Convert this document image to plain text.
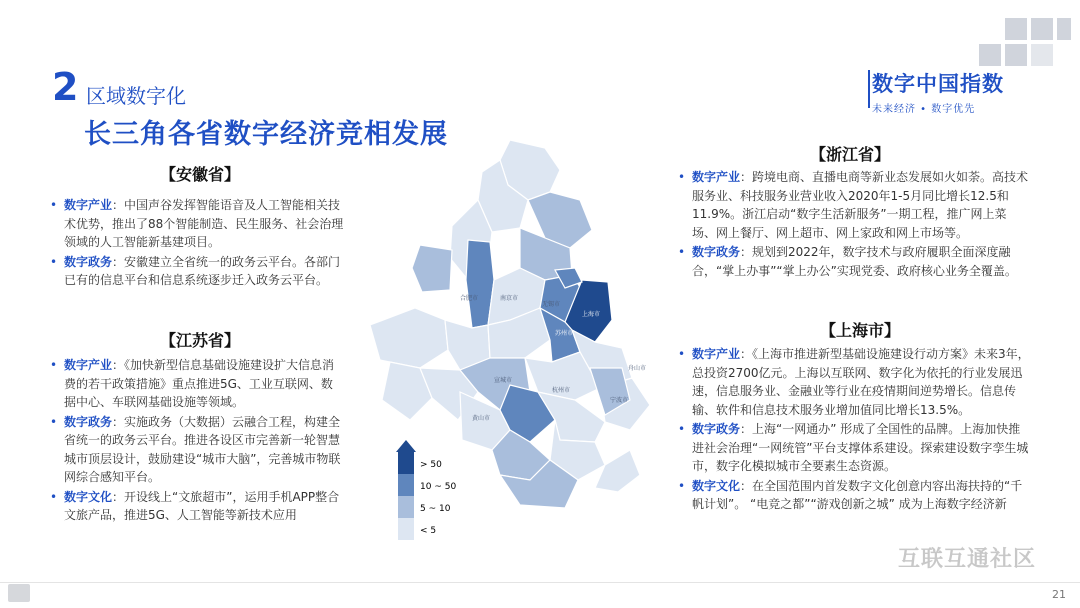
数字中国指数
未来经济 • 数字优先
2 区域数字化
长三角各省数字经济竞相发展
【安徽省】
• 数字产业：中国声谷发挥智能语音及人工智能相关技术优势，推出了88个智能制造、民生服务、社会治理领域的人工智能新基建项目。
• 数字政务：安徽建立全省统一的政务云平台。各部门已有的信息平台和信息系统逐步迁入政务云平台。
【江苏省】
• 数字产业：《加快新型信息基础设施建设扩大信息消费的若干政策措施》重点推进5G、工业互联网、数据中心、车联网基础设施等领域。
• 数字政务：实施政务（大数据）云融合工程，构建全省统一的政务云平台。推进各设区市完善新一轮智慧城市顶层设计，鼓励建设“城市大脑”，完善城市物联网综合感知平台。
• 数字文化：开设线上“文旅超市”，运用手机APP整合文旅产品，推进5G、人工智能等新技术应用
【浙江省】
• 数字产业：跨境电商、直播电商等新业态发展如火如荼。高技术服务业、科技服务业营业收入2020年1-5月同比增长12.5和11.9%。浙江启动“数字生活新服务”一期工程，推广网上菜场、网上餐厅、网上超市、网上家政和网上市场等。
• 数字政务：规划到2022年，数字技术与政府履职全面深度融合，“掌上办事”“掌上办公”实现党委、政府核心业务全覆盖。
【上海市】
• 数字产业：《上海市推进新型基础设施建设行动方案》未来3年，总投资2700亿元。上海以互联网、数字化为依托的行业发展迅速，信息服务业、金融业等行业在疫情期间逆势增长。信息传输、软件和信息技术服务业增加值同比增长13.5%。
• 数字政务：上海“一网通办” 形成了全国性的品牌。上海加快推进社会治理“一网统管”平台支撑体系建设。探索建设数字孪生城市，数字化模拟城市全要素生态资源。
• 数字文化：在全国范围内首发数字文化创意内容出海扶持的“千帆计划”。 “电竞之都”“游戏创新之城” 成为上海数字经济新
上海市
南京市
杭州市
合肥市
苏州市
无锡市
宣城市
黄山市
宁波市
舟山市
> 50
10 ~ 50
5 ~ 10
< 5
互联互通社区
21
